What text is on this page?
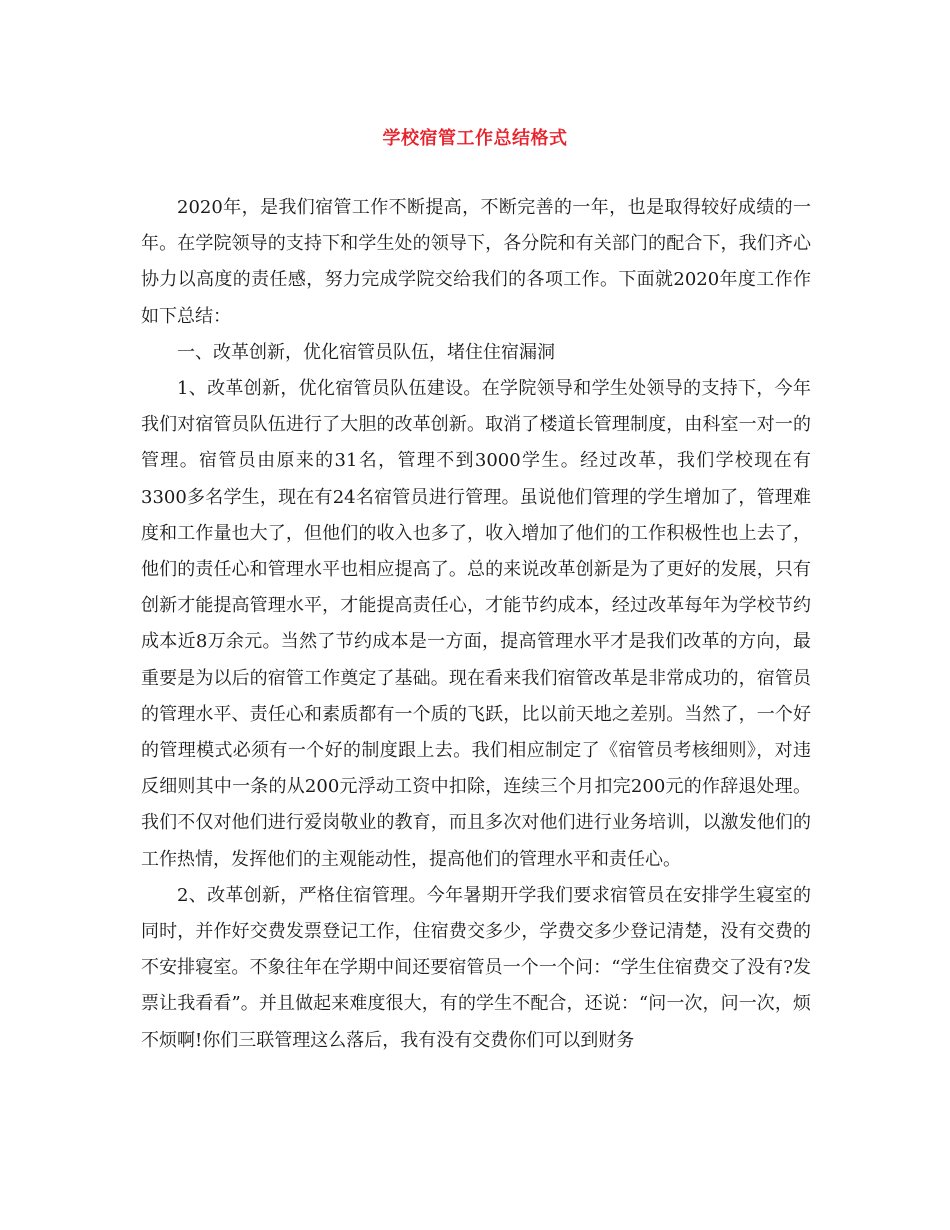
学校宿管工作总结格式

2020年，是我们宿管工作不断提高，不断完善的一年，也是取得较好成绩的一年。在学院领导的支持下和学生处的领导下，各分院和有关部门的配合下，我们齐心协力以高度的责任感，努力完成学院交给我们的各项工作。下面就2020年度工作作如下总结：

一、改革创新，优化宿管员队伍，堵住住宿漏洞

1、改革创新，优化宿管员队伍建设。在学院领导和学生处领导的支持下，今年我们对宿管员队伍进行了大胆的改革创新。取消了楼道长管理制度，由科室一对一的管理。宿管员由原来的31名，管理不到3000学生。经过改革，我们学校现在有3300多名学生，现在有24名宿管员进行管理。虽说他们管理的学生增加了，管理难度和工作量也大了，但他们的收入也多了，收入增加了他们的工作积极性也上去了，他们的责任心和管理水平也相应提高了。总的来说改革创新是为了更好的发展，只有创新才能提高管理水平，才能提高责任心，才能节约成本，经过改革每年为学校节约成本近8万余元。当然了节约成本是一方面，提高管理水平才是我们改革的方向，最重要是为以后的宿管工作奠定了基础。现在看来我们宿管改革是非常成功的，宿管员的管理水平、责任心和素质都有一个质的飞跃，比以前天地之差别。当然了，一个好的管理模式必须有一个好的制度跟上去。我们相应制定了《宿管员考核细则》，对违反细则其中一条的从200元浮动工资中扣除，连续三个月扣完200元的作辞退处理。我们不仅对他们进行爱岗敬业的教育，而且多次对他们进行业务培训，以激发他们的工作热情，发挥他们的主观能动性，提高他们的管理水平和责任心。

2、改革创新，严格住宿管理。今年暑期开学我们要求宿管员在安排学生寝室的同时，并作好交费发票登记工作，住宿费交多少，学费交多少登记清楚，没有交费的不安排寝室。不象往年在学期中间还要宿管员一个一个问：“学生住宿费交了没有?发票让我看看”。并且做起来难度很大，有的学生不配合，还说：“问一次，问一次，烦不烦啊!你们三联管理这么落后，我有没有交费你们可以到财务
